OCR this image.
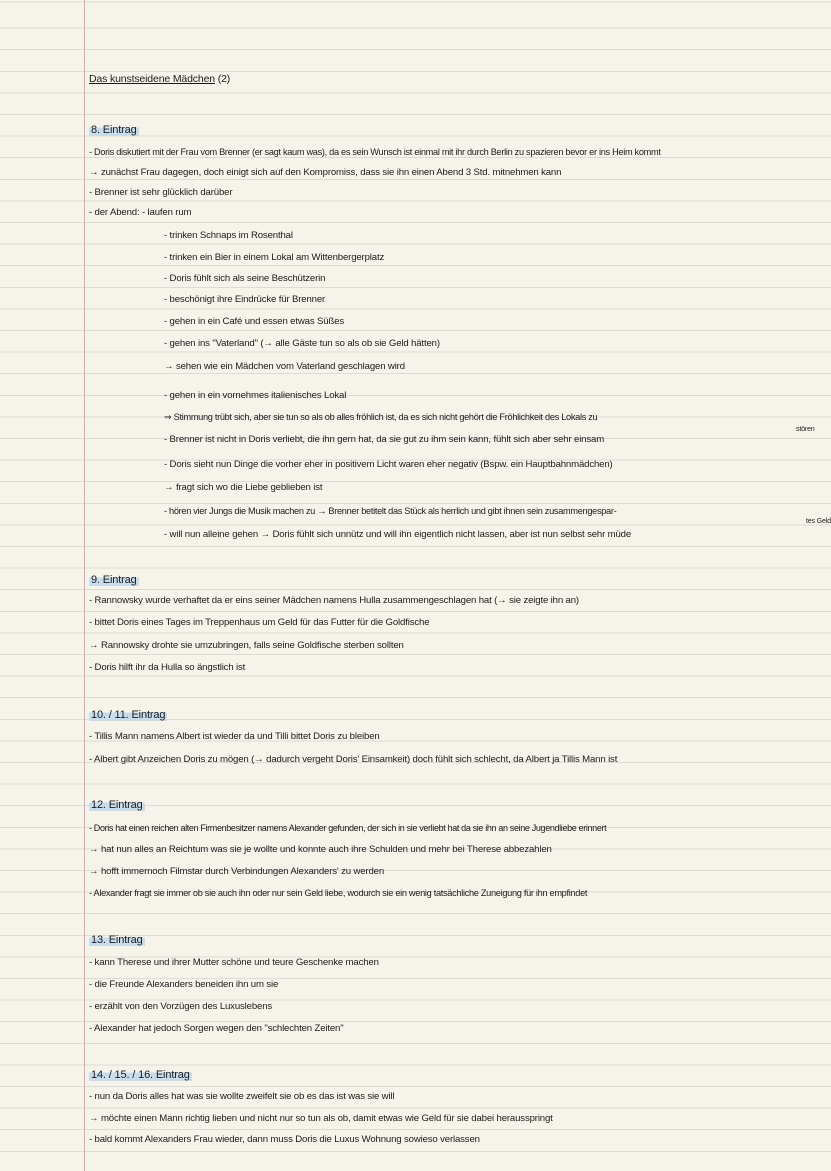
Das kunstseidene Mädchen (2)
8. Eintrag
- Doris diskutiert mit der Frau vom Brenner (er sagt kaum was), da es sein Wunsch ist einmal mit ihr durch Berlin zu spazieren bevor er ins Heim kommt
→ zunächst Frau dagegen, doch einigt sich auf den Kompromiss, dass sie ihn einen Abend 3 Std. mitnehmen kann
- Brenner ist sehr glücklich darüber
- der Abend: - laufen rum
- trinken Schnaps im Rosenthal
- trinken ein Bier in einem Lokal am Wittenbergerplatz
- Doris fühlt sich als seine Beschützerin
- beschönigt ihre Eindrücke für Brenner
- gehen in ein Café und essen etwas Süßes
- gehen ins "Vaterland" (→ alle Gäste tun so als ob sie Geld hätten)
→ sehen wie ein Mädchen vom Vaterland geschlagen wird
- gehen in ein vornehmes italienisches Lokal
⇒ Stimmung trübt sich, aber sie tun so als ob alles fröhlich ist, da es sich nicht gehört die Fröhlichkeit des Lokals zu
stören
- Brenner ist nicht in Doris verliebt, die ihn gern hat, da sie gut zu ihm sein kann, fühlt sich aber sehr einsam
- Doris sieht nun Dinge die vorher eher in positivem Licht waren eher negativ (Bspw. ein Hauptbahnmädchen)
→ fragt sich wo die Liebe geblieben ist
- hören vier Jungs die Musik machen zu → Brenner betitelt das Stück als herrlich und gibt ihnen sein zusammengespar-
tes Geld
- will nun alleine gehen → Doris fühlt sich unnütz und will ihn eigentlich nicht lassen, aber ist nun selbst sehr müde
9. Eintrag
- Rannowsky wurde verhaftet da er eins seiner Mädchen namens Hulla zusammengeschlagen hat (→ sie zeigte ihn an)
- bittet Doris eines Tages im Treppenhaus um Geld für das Futter für die Goldfische
→ Rannowsky drohte sie umzubringen, falls seine Goldfische sterben sollten
- Doris hilft ihr da Hulla so ängstlich ist
10. / 11. Eintrag
- Tillis Mann namens Albert ist wieder da und Tilli bittet Doris zu bleiben
- Albert gibt Anzeichen Doris zu mögen (→ dadurch vergeht Doris' Einsamkeit) doch fühlt sich schlecht, da Albert ja Tillis Mann ist
12. Eintrag
- Doris hat einen reichen alten Firmenbesitzer namens Alexander gefunden, der sich in sie verliebt hat da sie ihn an seine Jugendliebe erinnert
→ hat nun alles an Reichtum was sie je wollte und konnte auch ihre Schulden und mehr bei Therese abbezahlen
→ hofft immernoch Filmstar durch Verbindungen Alexanders' zu werden
- Alexander fragt sie immer ob sie auch ihn oder nur sein Geld liebe, wodurch sie ein wenig tatsächliche Zuneigung für ihn empfindet
13. Eintrag
- kann Therese und ihrer Mutter schöne und teure Geschenke machen
- die Freunde Alexanders beneiden ihn um sie
- erzählt von den Vorzügen des Luxuslebens
- Alexander hat jedoch Sorgen wegen den "schlechten Zeiten"
14. / 15. / 16. Eintrag
- nun da Doris alles hat was sie wollte zweifelt sie ob es das ist was sie will
→ möchte einen Mann richtig lieben und nicht nur so tun als ob, damit etwas wie Geld für sie dabei herausspringt
- bald kommt Alexanders Frau wieder, dann muss Doris die Luxus Wohnung sowieso verlassen
